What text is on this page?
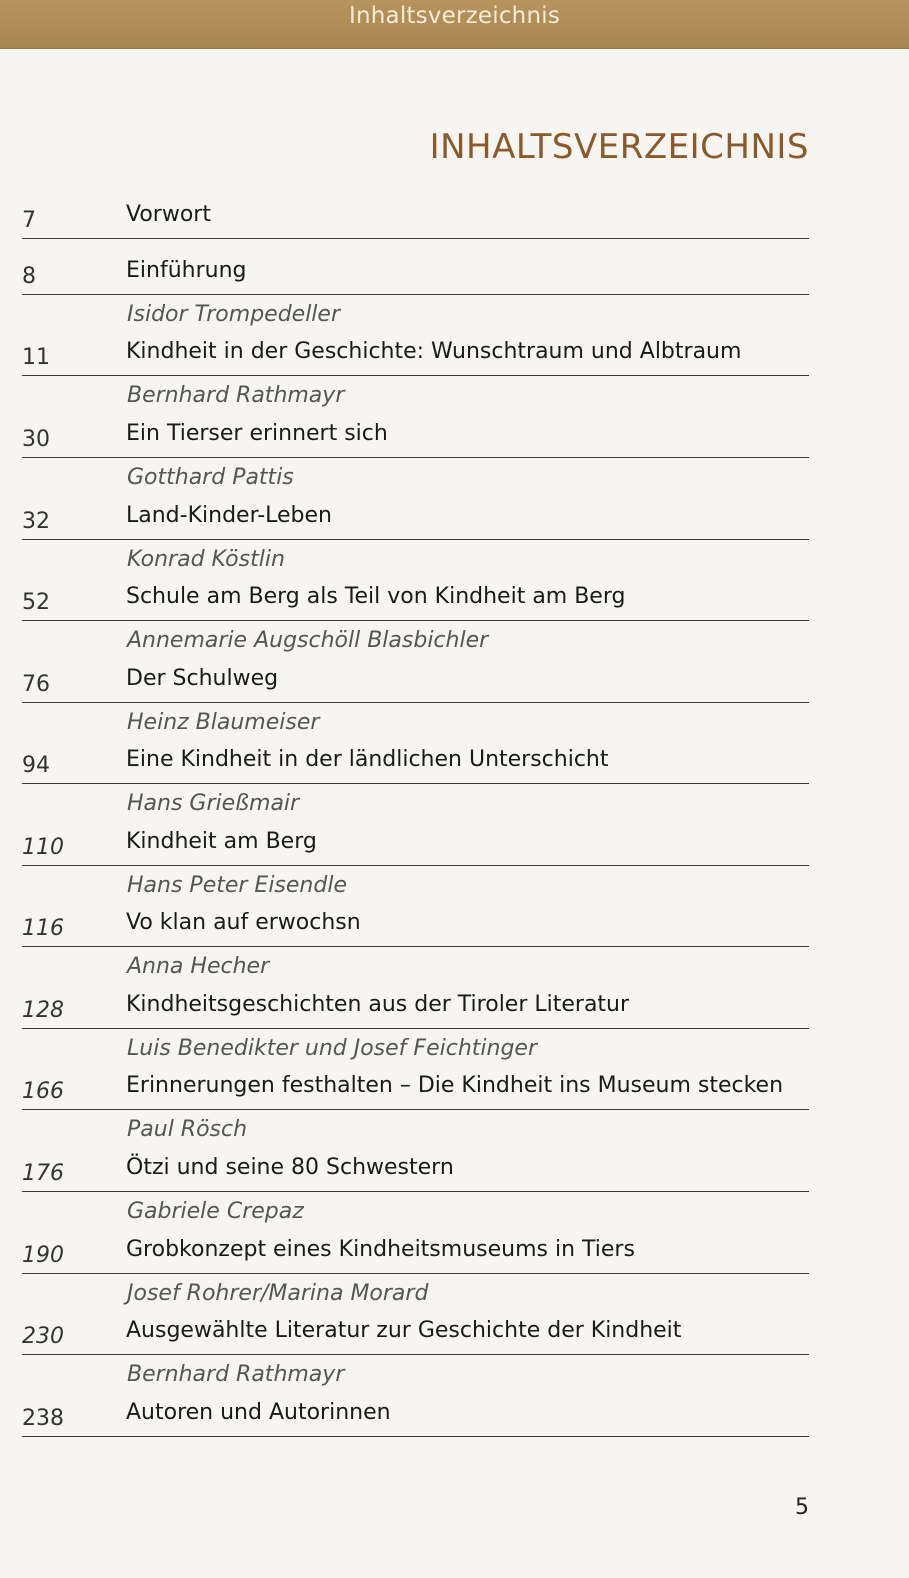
Inhaltsverzeichnis
INHALTSVERZEICHNIS
7	Vorwort
8	Einführung
Isidor Trompedeller
11	Kindheit in der Geschichte: Wunschtraum und Albtraum
Bernhard Rathmayr
30	Ein Tierser erinnert sich
Gotthard Pattis
32	Land-Kinder-Leben
Konrad Köstlin
52	Schule am Berg als Teil von Kindheit am Berg
Annemarie Augschöll Blasbichler
76	Der Schulweg
Heinz Blaumeiser
94	Eine Kindheit in der ländlichen Unterschicht
Hans Grießmair
110	Kindheit am Berg
Hans Peter Eisendle
116	Vo klan auf erwochsn
Anna Hecher
128	Kindheitsgeschichten aus der Tiroler Literatur
Luis Benedikter und Josef Feichtinger
166	Erinnerungen festhalten – Die Kindheit ins Museum stecken
Paul Rösch
176	Ötzi und seine 80 Schwestern
Gabriele Crepaz
190	Grobkonzept eines Kindheitsmuseums in Tiers
Josef Rohrer/Marina Morard
230	Ausgewählte Literatur zur Geschichte der Kindheit
Bernhard Rathmayr
238	Autoren und Autorinnen
5
